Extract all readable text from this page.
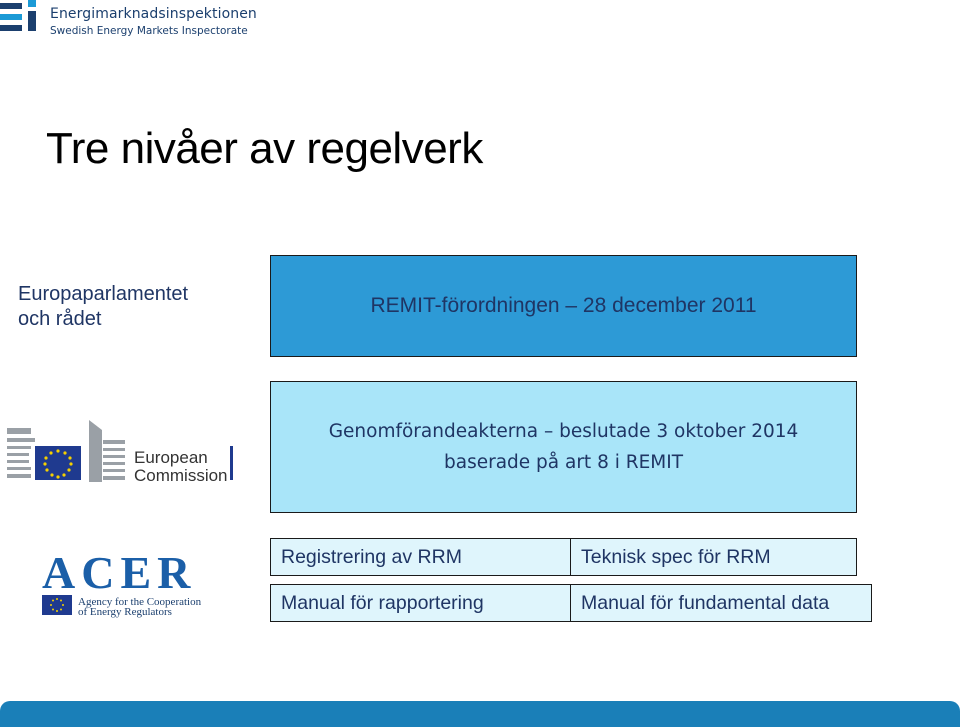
Energimarknadsinspektionen
Swedish Energy Markets Inspectorate
Tre nivåer av regelverk
Europaparlamentet
och rådet
REMIT-förordningen – 28 december 2011
Genomförandeakterna – beslutade 3 oktober 2014
baserade på art 8 i REMIT
Registrering av RRM	Teknisk spec för RRM
Manual för rapportering	Manual för fundamental data
European
Commission
ACER
Agency for the Cooperation
of Energy Regulators
